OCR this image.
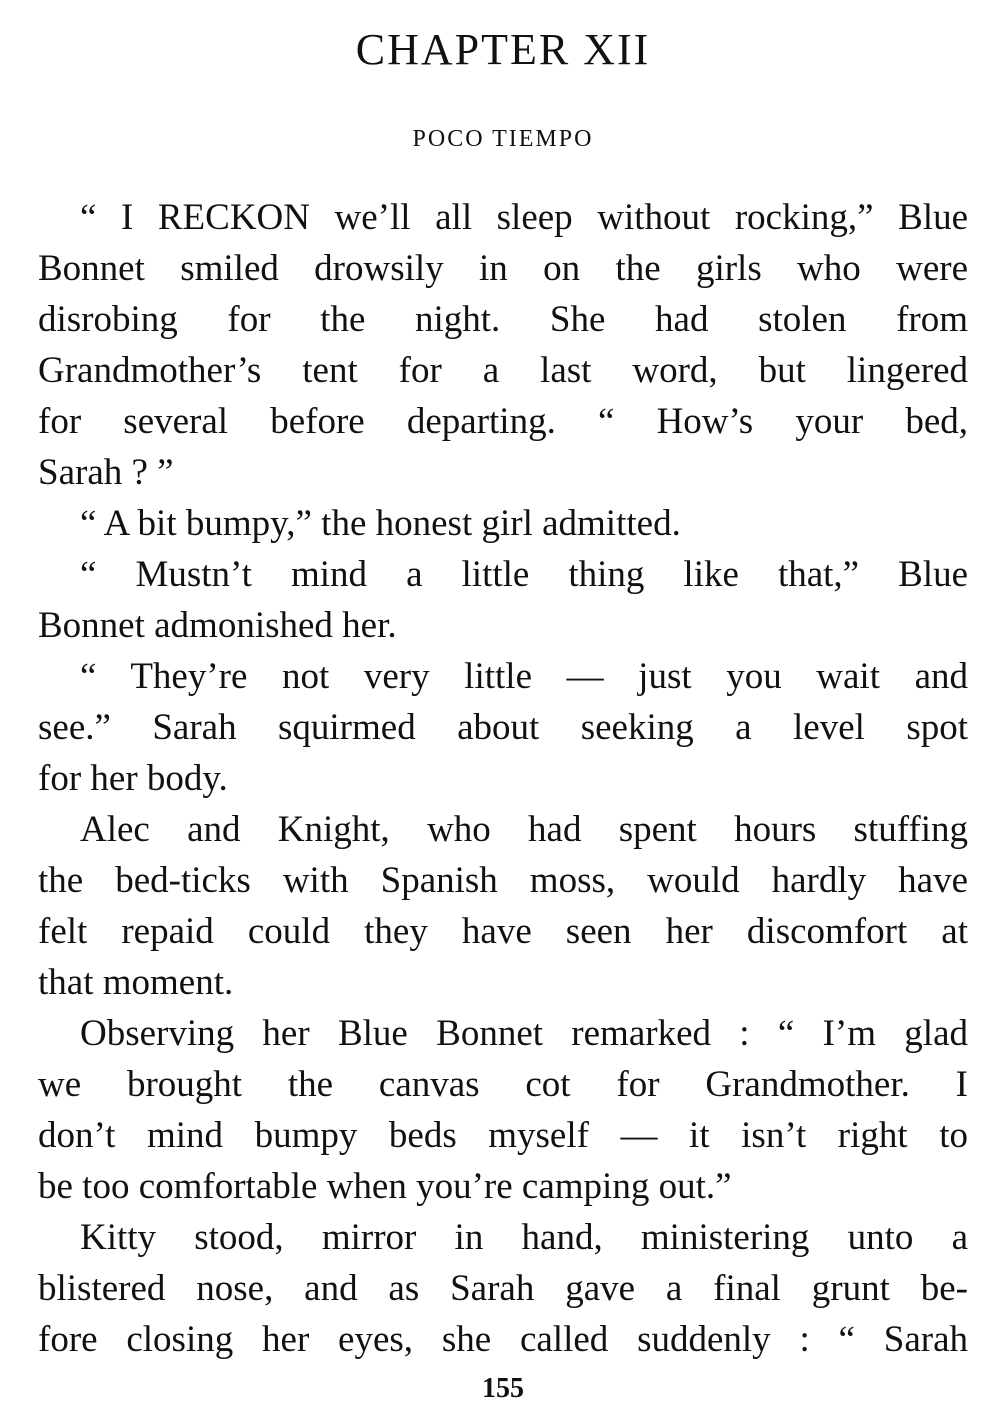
CHAPTER XII
POCO TIEMPO
“ I RECKON we’ll all sleep without rocking,” Blue
Bonnet smiled drowsily in on the girls who were
disrobing for the night. She had stolen from
Grandmother’s tent for a last word, but lingered
for several before departing. “ How’s your bed,
Sarah ? ”
“ A bit bumpy,” the honest girl admitted.
“ Mustn’t mind a little thing like that,” Blue
Bonnet admonished her.
“ They’re not very little — just you wait and
see.” Sarah squirmed about seeking a level spot
for her body.
Alec and Knight, who had spent hours stuffing
the bed-ticks with Spanish moss, would hardly have
felt repaid could they have seen her discomfort at
that moment.
Observing her Blue Bonnet remarked : “ I’m glad
we brought the canvas cot for Grandmother. I
don’t mind bumpy beds myself — it isn’t right to
be too comfortable when you’re camping out.”
Kitty stood, mirror in hand, ministering unto a
blistered nose, and as Sarah gave a final grunt be-
fore closing her eyes, she called suddenly : “ Sarah
155
